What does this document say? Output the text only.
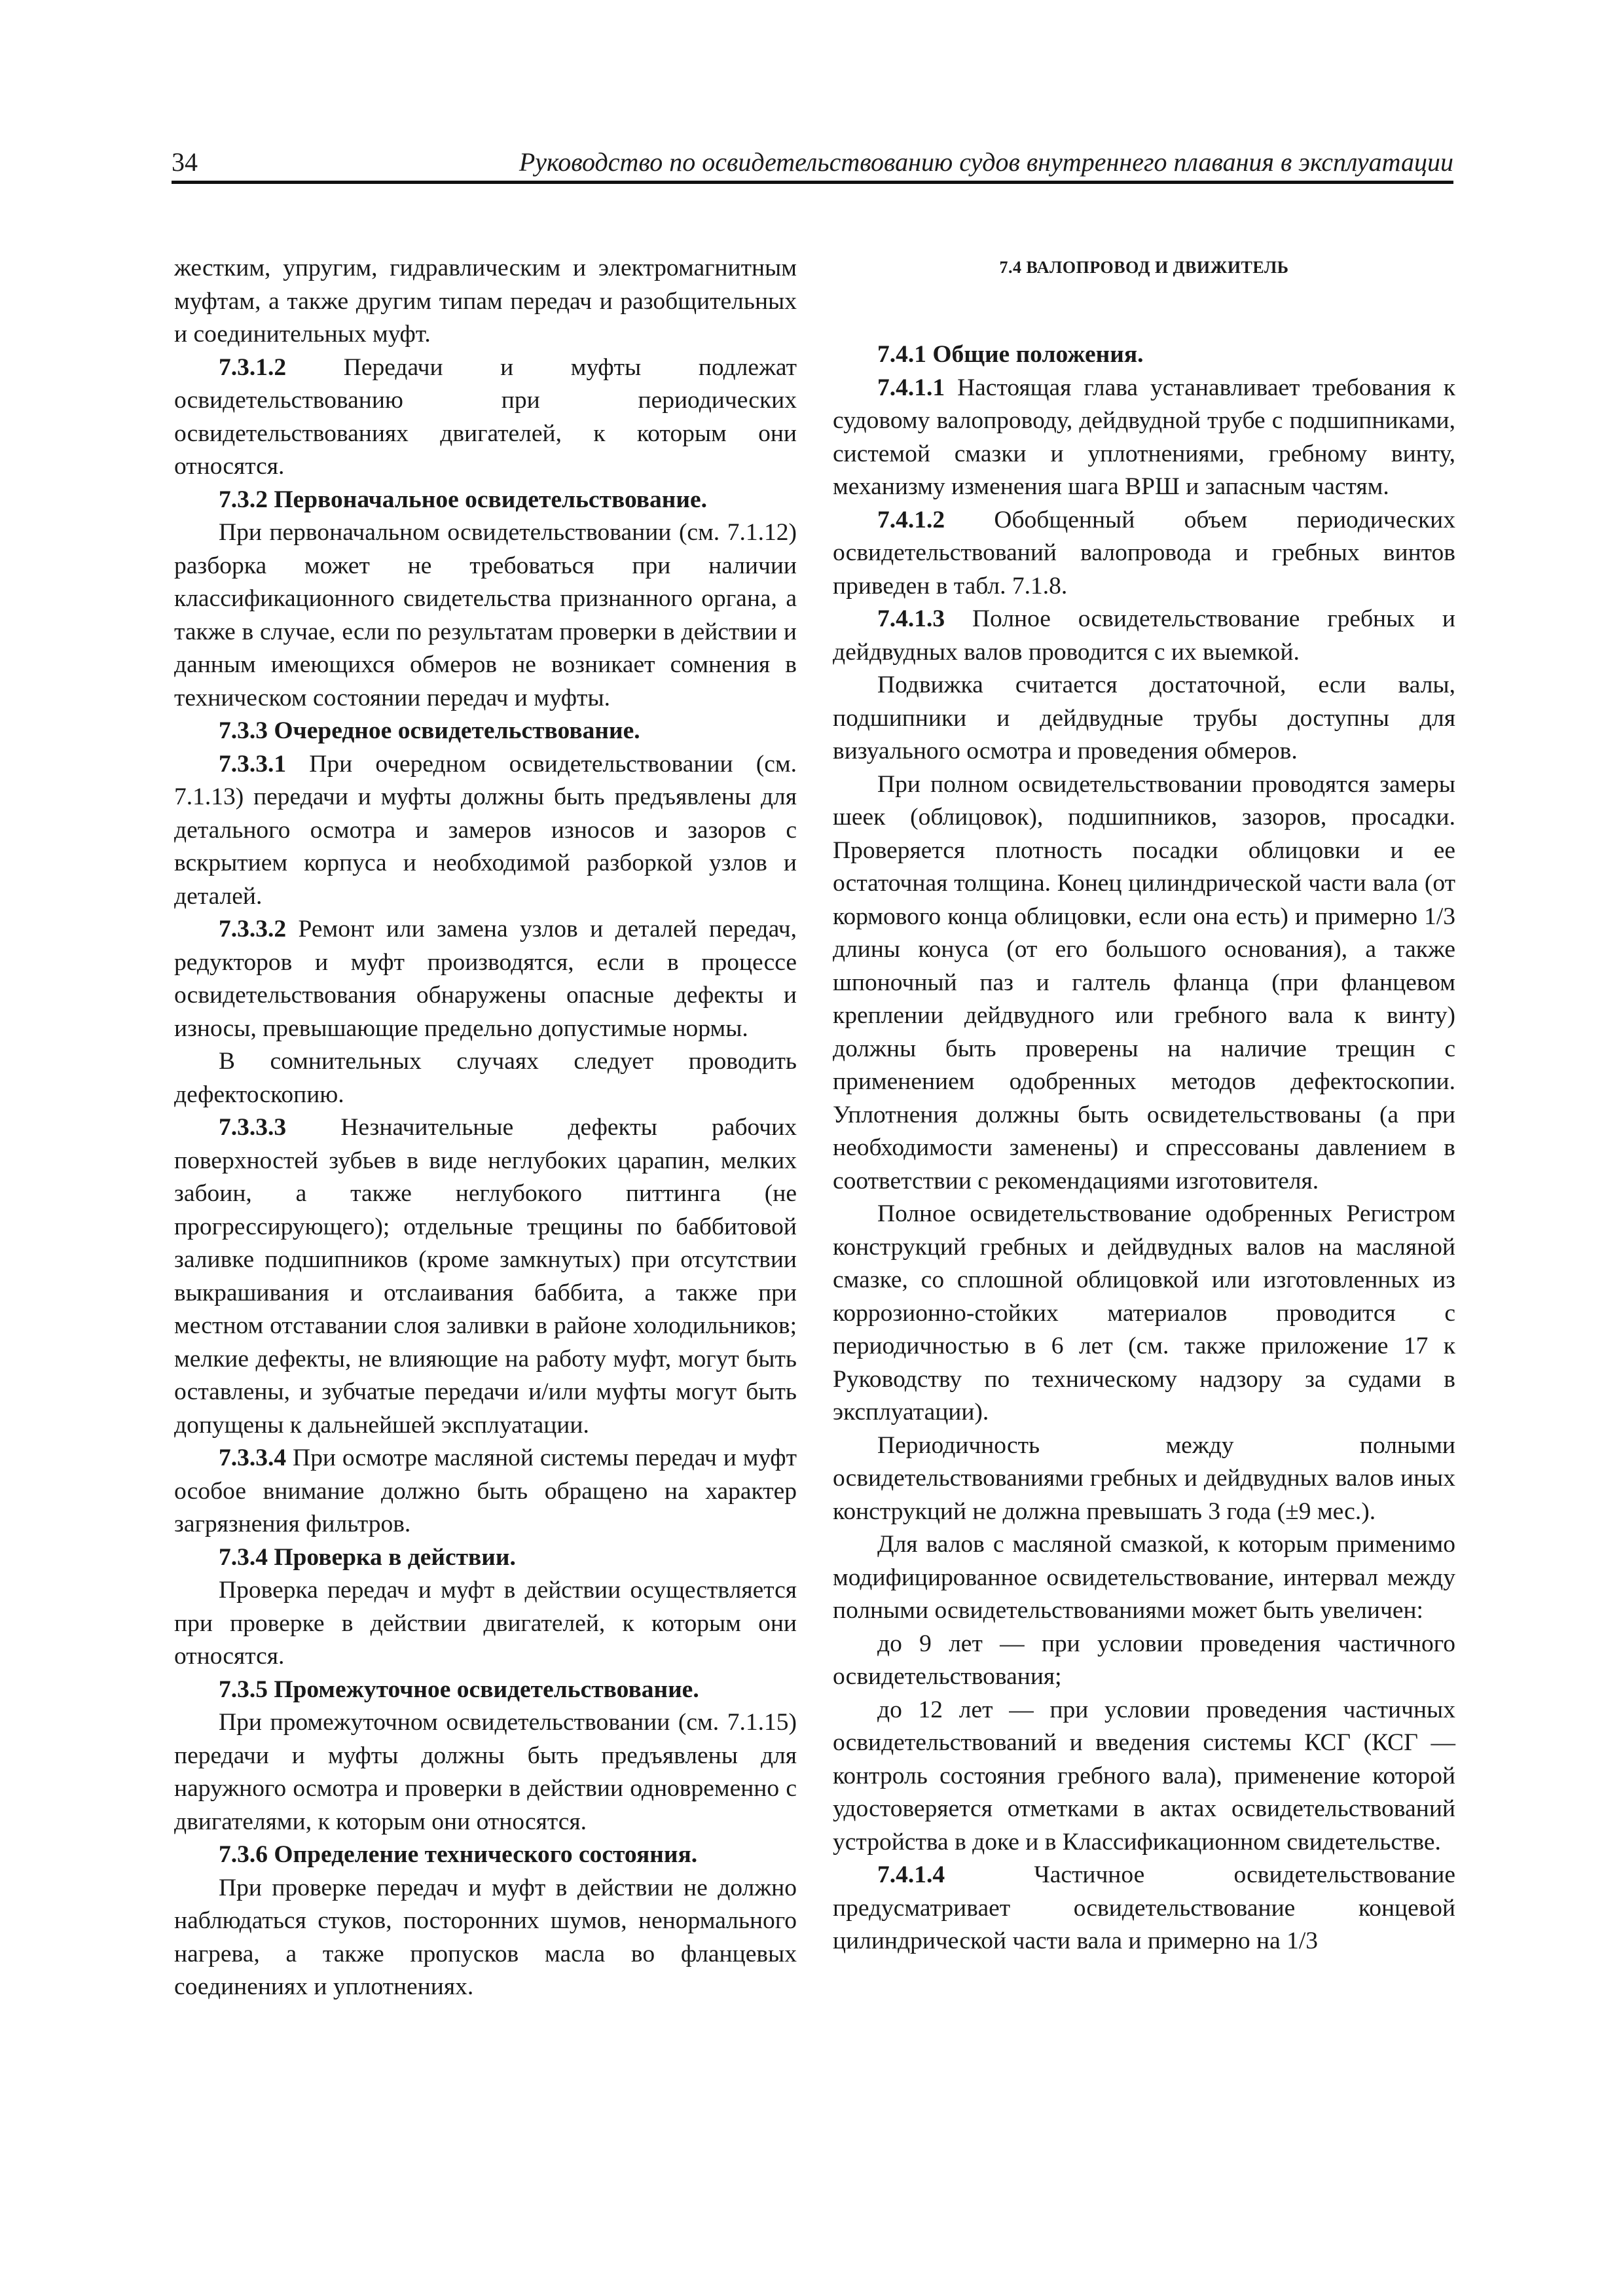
34	Руководство по освидетельствованию судов внутреннего плавания в эксплуатации

жестким, упругим, гидравлическим и электромагнитным муфтам, а также другим типам передач и разобщительных и соединительных муфт.

7.3.1.2 Передачи и муфты подлежат освидетельствованию при периодических освидетельствованиях двигателей, к которым они относятся.

7.3.2 Первоначальное освидетельствование.

При первоначальном освидетельствовании (см. 7.1.12) разборка может не требоваться при наличии классификационного свидетельства признанного органа, а также в случае, если по результатам проверки в действии и данным имеющихся обмеров не возникает сомнения в техническом состоянии передач и муфты.

7.3.3 Очередное освидетельствование.

7.3.3.1 При очередном освидетельствовании (см. 7.1.13) передачи и муфты должны быть предъявлены для детального осмотра и замеров износов и зазоров с вскрытием корпуса и необходимой разборкой узлов и деталей.

7.3.3.2 Ремонт или замена узлов и деталей передач, редукторов и муфт производятся, если в процессе освидетельствования обнаружены опасные дефекты и износы, превышающие предельно допустимые нормы.

В сомнительных случаях следует проводить дефектоскопию.

7.3.3.3 Незначительные дефекты рабочих поверхностей зубьев в виде неглубоких царапин, мелких забоин, а также неглубокого питтинга (не прогрессирующего); отдельные трещины по баббитовой заливке подшипников (кроме замкнутых) при отсутствии выкрашивания и отслаивания баббита, а также при местном отставании слоя заливки в районе холодильников; мелкие дефекты, не влияющие на работу муфт, могут быть оставлены, и зубчатые передачи и/или муфты могут быть допущены к дальнейшей эксплуатации.

7.3.3.4 При осмотре масляной системы передач и муфт особое внимание должно быть обращено на характер загрязнения фильтров.

7.3.4 Проверка в действии.

Проверка передач и муфт в действии осуществляется при проверке в действии двигателей, к которым они относятся.

7.3.5 Промежуточное освидетельствование.

При промежуточном освидетельствовании (см. 7.1.15) передачи и муфты должны быть предъявлены для наружного осмотра и проверки в действии одновременно с двигателями, к которым они относятся.

7.3.6 Определение технического состояния.

При проверке передач и муфт в действии не должно наблюдаться стуков, посторонних шумов, ненормального нагрева, а также пропусков масла во фланцевых соединениях и уплотнениях.

7.4 ВАЛОПРОВОД И ДВИЖИТЕЛЬ

7.4.1 Общие положения.

7.4.1.1 Настоящая глава устанавливает требования к судовому валопроводу, дейдвудной трубе с подшипниками, системой смазки и уплотнениями, гребному винту, механизму изменения шага ВРШ и запасным частям.

7.4.1.2 Обобщенный объем периодических освидетельствований валопровода и гребных винтов приведен в табл. 7.1.8.

7.4.1.3 Полное освидетельствование гребных и дейдвудных валов проводится с их выемкой.

Подвижка считается достаточной, если валы, подшипники и дейдвудные трубы доступны для визуального осмотра и проведения обмеров.

При полном освидетельствовании проводятся замеры шеек (облицовок), подшипников, зазоров, просадки. Проверяется плотность посадки облицовки и ее остаточная толщина. Конец цилиндрической части вала (от кормового конца облицовки, если она есть) и примерно 1/3 длины конуса (от его большого основания), а также шпоночный паз и галтель фланца (при фланцевом креплении дейдвудного или гребного вала к винту) должны быть проверены на наличие трещин с применением одобренных методов дефектоскопии. Уплотнения должны быть освидетельствованы (а при необходимости заменены) и спрессованы давлением в соответствии с рекомендациями изготовителя.

Полное освидетельствование одобренных Регистром конструкций гребных и дейдвудных валов на масляной смазке, со сплошной облицовкой или изготовленных из коррозионно-стойких материалов проводится с периодичностью в 6 лет (см. также приложение 17 к Руководству по техническому надзору за судами в эксплуатации).

Периодичность между полными освидетельствованиями гребных и дейдвудных валов иных конструкций не должна превышать 3 года (±9 мес.).

Для валов с масляной смазкой, к которым применимо модифицированное освидетельствование, интервал между полными освидетельствованиями может быть увеличен:

до 9 лет — при условии проведения частичного освидетельствования;

до 12 лет — при условии проведения частичных освидетельствований и введения системы КСГ (КСГ — контроль состояния гребного вала), применение которой удостоверяется отметками в актах освидетельствований устройства в доке и в Классификационном свидетельстве.

7.4.1.4 Частичное освидетельствование предусматривает освидетельствование концевой цилиндрической части вала и примерно на 1/3
